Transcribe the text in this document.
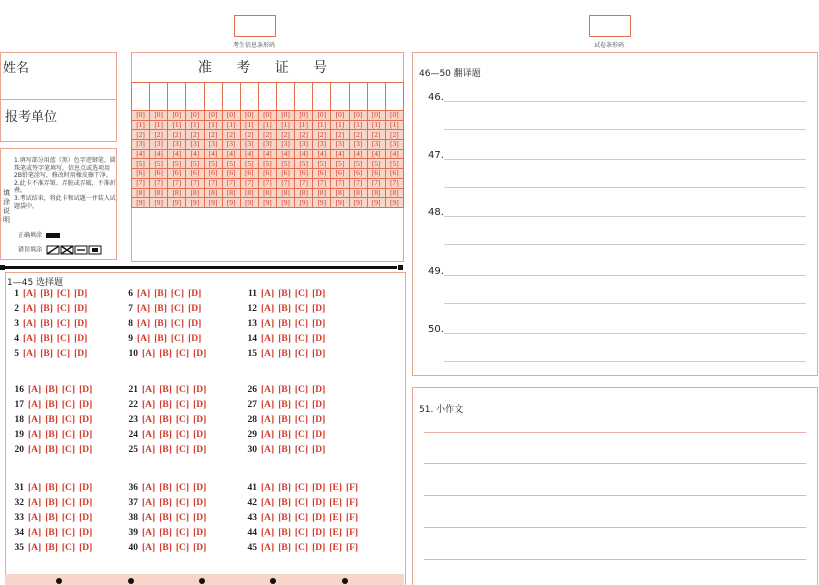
考生信息条形码	试卷条形码
姓名
报考单位
准 考 证 号

[0]	[0]	[0]	[0]	[0]	[0]	[0]	[0]	[0]	[0]	[0]	[0]	[0]	[0]	[0]
[1]	[1]	[1]	[1]	[1]	[1]	[1]	[1]	[1]	[1]	[1]	[1]	[1]	[1]	[1]
[2]	[2]	[2]	[2]	[2]	[2]	[2]	[2]	[2]	[2]	[2]	[2]	[2]	[2]	[2]
[3]	[3]	[3]	[3]	[3]	[3]	[3]	[3]	[3]	[3]	[3]	[3]	[3]	[3]	[3]
[4]	[4]	[4]	[4]	[4]	[4]	[4]	[4]	[4]	[4]	[4]	[4]	[4]	[4]	[4]
[5]	[5]	[5]	[5]	[5]	[5]	[5]	[5]	[5]	[5]	[5]	[5]	[5]	[5]	[5]
[6]	[6]	[6]	[6]	[6]	[6]	[6]	[6]	[6]	[6]	[6]	[6]	[6]	[6]	[6]
[7]	[7]	[7]	[7]	[7]	[7]	[7]	[7]	[7]	[7]	[7]	[7]	[7]	[7]	[7]
[8]	[8]	[8]	[8]	[8]	[8]	[8]	[8]	[8]	[8]	[8]	[8]	[8]	[8]	[8]
[9]	[9]	[9]	[9]	[9]	[9]	[9]	[9]	[9]	[9]	[9]	[9]	[9]	[9]	[9]
填涂说明
1.填写部分用蓝（黑）色字迹钢笔、圆珠笔或签字笔填写，信息点或选项用2B铅笔涂写，修改时用橡皮擦干净。
2.此卡不准弄皱、弄脏或弄破，不准折叠。
3.考试结束，将此卡和试题一并装入试题袋中。
正确填涂
错误填涂
1—45 选择题
1 [A] [B] [C] [D]
2 [A] [B] [C] [D]
3 [A] [B] [C] [D]
4 [A] [B] [C] [D]
5 [A] [B] [C] [D]
6 [A] [B] [C] [D]
7 [A] [B] [C] [D]
8 [A] [B] [C] [D]
9 [A] [B] [C] [D]
10 [A] [B] [C] [D]
11 [A] [B] [C] [D]
12 [A] [B] [C] [D]
13 [A] [B] [C] [D]
14 [A] [B] [C] [D]
15 [A] [B] [C] [D]
16 [A] [B] [C] [D]
17 [A] [B] [C] [D]
18 [A] [B] [C] [D]
19 [A] [B] [C] [D]
20 [A] [B] [C] [D]
21 [A] [B] [C] [D]
22 [A] [B] [C] [D]
23 [A] [B] [C] [D]
24 [A] [B] [C] [D]
25 [A] [B] [C] [D]
26 [A] [B] [C] [D]
27 [A] [B] [C] [D]
28 [A] [B] [C] [D]
29 [A] [B] [C] [D]
30 [A] [B] [C] [D]
31 [A] [B] [C] [D]
32 [A] [B] [C] [D]
33 [A] [B] [C] [D]
34 [A] [B] [C] [D]
35 [A] [B] [C] [D]
36 [A] [B] [C] [D]
37 [A] [B] [C] [D]
38 [A] [B] [C] [D]
39 [A] [B] [C] [D]
40 [A] [B] [C] [D]
41 [A] [B] [C] [D] [E] [F]
42 [A] [B] [C] [D] [E] [F]
43 [A] [B] [C] [D] [E] [F]
44 [A] [B] [C] [D] [E] [F]
45 [A] [B] [C] [D] [E] [F]
46—50 翻译题
46.
47.
48.
49.
50.
51. 小作文
